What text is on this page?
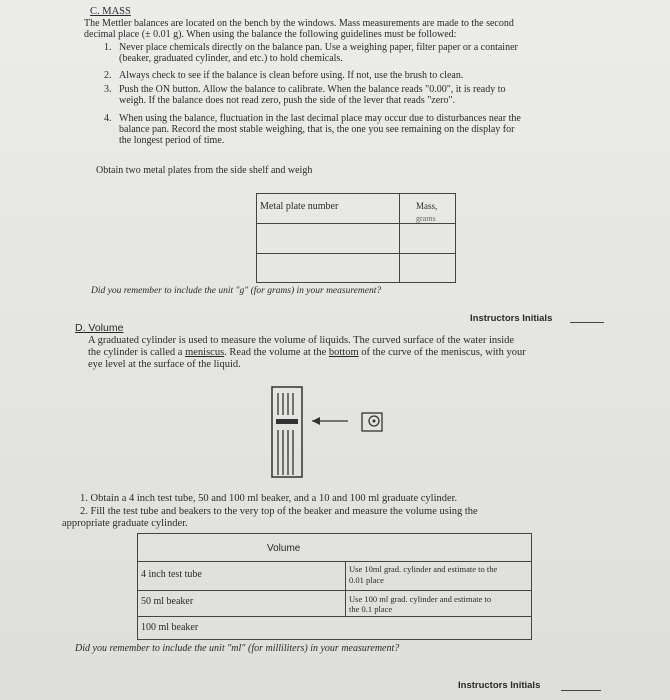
C. MASS
The Mettler balances are located on the bench by the windows. Mass measurements are made to the second
decimal place (± 0.01 g). When using the balance the following guidelines must be followed:
1. Never place chemicals directly on the balance pan. Use a weighing paper, filter paper or a container
(beaker, graduated cylinder, and etc.) to hold chemicals.
2. Always check to see if the balance is clean before using. If not, use the brush to clean.
3. Push the ON button. Allow the balance to calibrate. When the balance reads "0.00", it is ready to
weigh. If the balance does not read zero, push the side of the lever that reads "zero".
4. When using the balance, fluctuation in the last decimal place may occur due to disturbances near the
balance pan. Record the most stable weighing, that is, the one you see remaining on the display for
the longest period of time.
Obtain two metal plates from the side shelf and weigh
Metal plate number	Mass,
grams
Did you remember to include the unit "g" (for grams) in your measurement?
Instructors Initials
D. Volume
A graduated cylinder is used to measure the volume of liquids. The curved surface of the water inside
the cylinder is called a meniscus. Read the volume at the bottom of the curve of the meniscus, with your
eye level at the surface of the liquid.
1. Obtain a 4 inch test tube, 50 and 100 ml beaker, and a 10 and 100 ml graduate cylinder.
2. Fill the test tube and beakers to the very top of the beaker and measure the volume using the
appropriate graduate cylinder.
Volume
4 inch test tube	Use 10ml grad. cylinder and estimate to the
0.01 place
50 ml beaker	Use 100 ml grad. cylinder and estimate to
the 0.1 place
100 ml beaker
Did you remember to include the unit "ml" (for milliliters) in your measurement?
Instructors Initials
